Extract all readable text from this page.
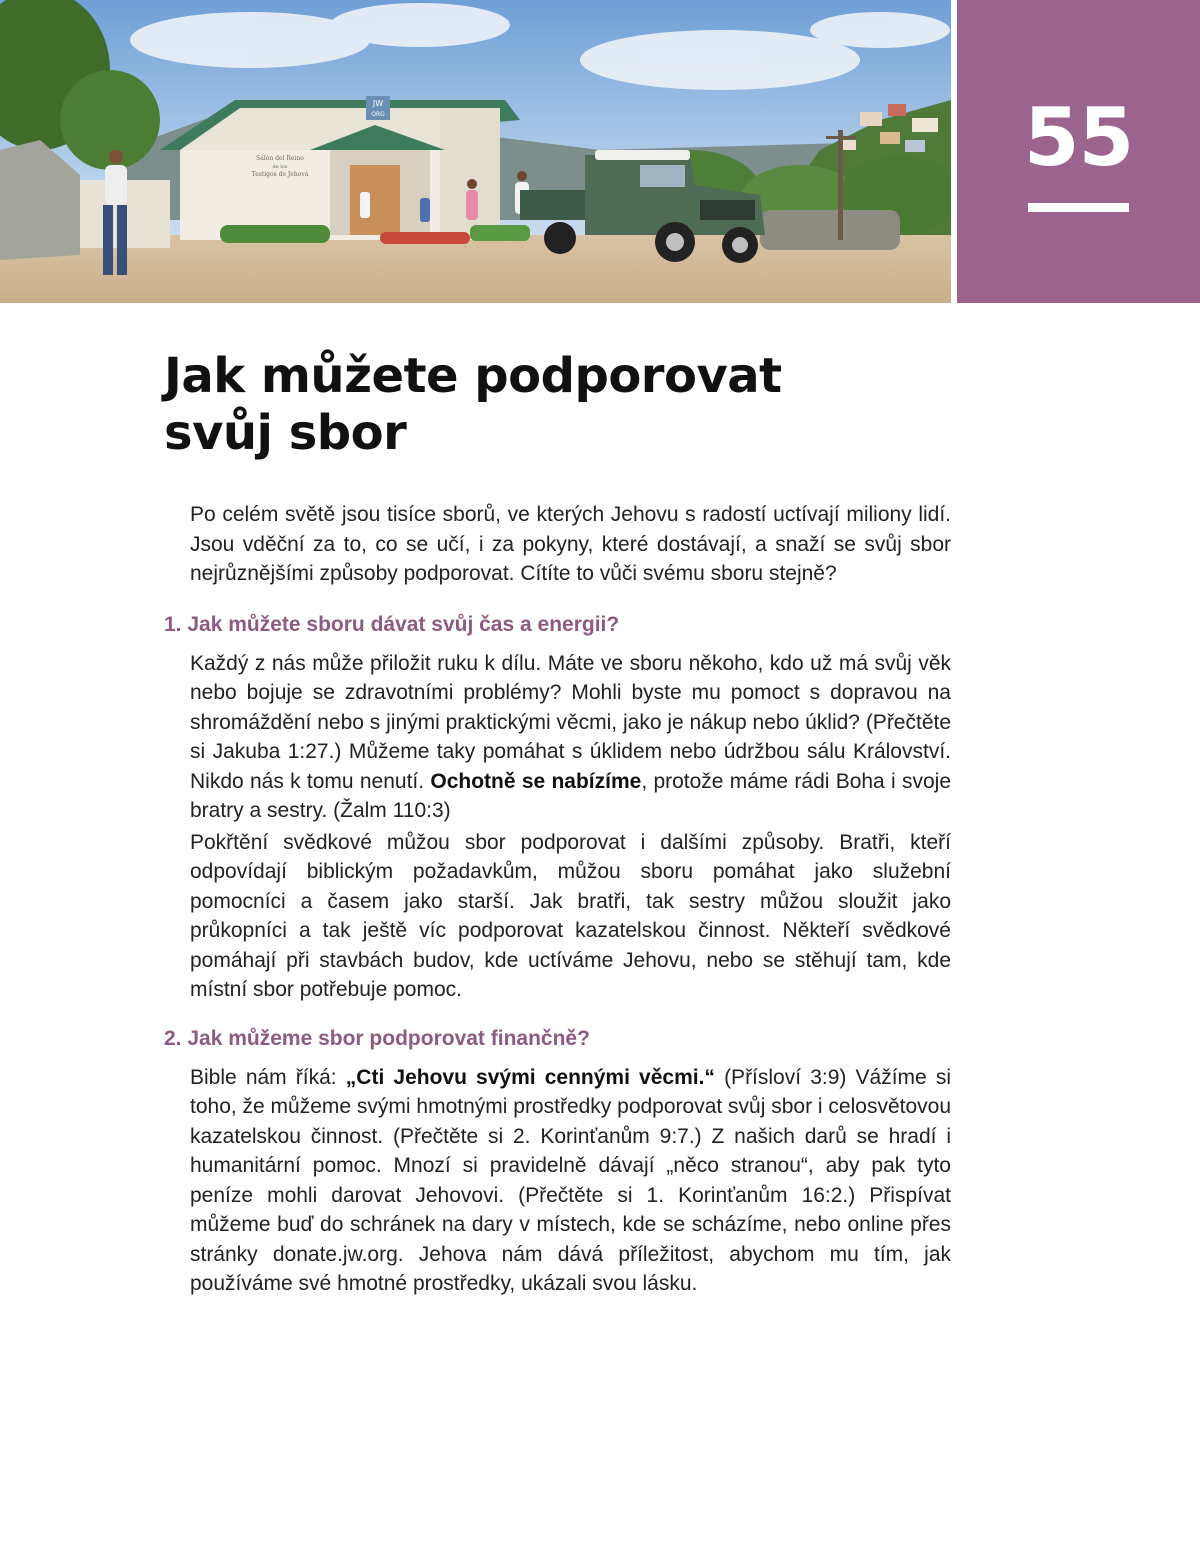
JW
ORG
Salón del Reino
de los
Testigos de Jehová	55
Jak můžete podporovat
svůj sbor

Po celém světě jsou tisíce sborů, ve kterých Jehovu s radostí uctívají miliony lidí. Jsou vděční za to, co se učí, i za pokyny, které dostávají, a snaží se svůj sbor nejrůznějšími způsoby podporovat. Cítíte to vůči svému sboru stejně?

1. Jak můžete sboru dávat svůj čas a energii?

Každý z nás může přiložit ruku k dílu. Máte ve sboru někoho, kdo už má svůj věk nebo bojuje se zdravotními problémy? Mohli byste mu pomoct s dopravou na shromáždění nebo s jinými praktickými věcmi, jako je nákup nebo úklid? (Přečtěte si Jakuba 1:27.) Můžeme taky pomáhat s úklidem nebo údržbou sálu Království. Nikdo nás k tomu nenutí. Ochotně se nabízíme, protože máme rádi Boha i svoje bratry a sestry. (Žalm 110:3)

Pokřtění svědkové můžou sbor podporovat i dalšími způsoby. Bratři, kteří odpovídají biblickým požadavkům, můžou sboru pomáhat jako služební pomocníci a časem jako starší. Jak bratři, tak sestry můžou sloužit jako průkopníci a tak ještě víc podporovat kazatelskou činnost. Někteří svědkové pomáhají při stavbách budov, kde uctíváme Jehovu, nebo se stěhují tam, kde místní sbor potřebuje pomoc.

2. Jak můžeme sbor podporovat finančně?

Bible nám říká: „Cti Jehovu svými cennými věcmi.“ (Přísloví 3:9) Vážíme si toho, že můžeme svými hmotnými prostředky podporovat svůj sbor i celosvětovou kazatelskou činnost. (Přečtěte si 2. Korinťanům 9:7.) Z našich darů se hradí i humanitární pomoc. Mnozí si pravidelně dávají „něco stranou“, aby pak tyto peníze mohli darovat Jehovovi. (Přečtěte si 1. Korinťanům 16:2.) Přispívat můžeme buď do schránek na dary v místech, kde se scházíme, nebo online přes stránky donate.jw.org. Jehova nám dává příležitost, abychom mu tím, jak používáme své hmotné prostředky, ukázali svou lásku.
